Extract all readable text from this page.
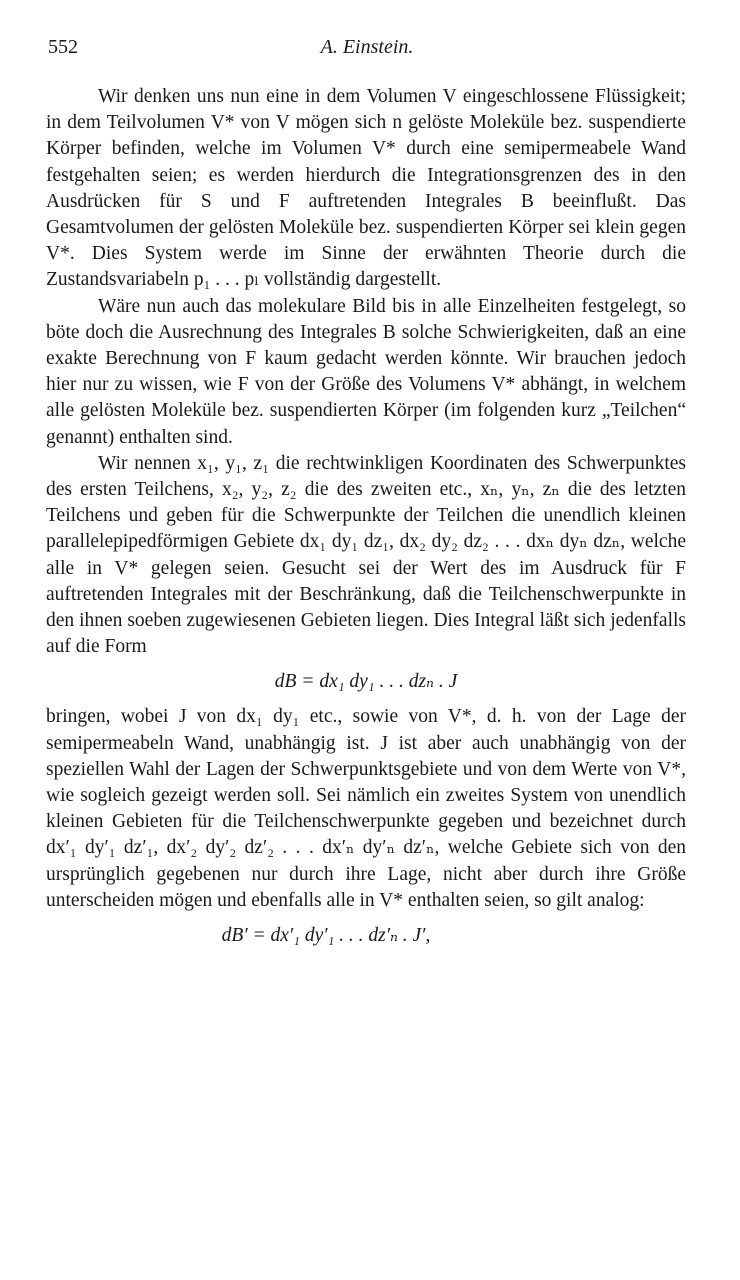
552	A. Einstein.

Wir denken uns nun eine in dem Volumen V eingeschlossene Flüssigkeit; in dem Teilvolumen V* von V mögen sich n gelöste Moleküle bez. suspendierte Körper befinden, welche im Volumen V* durch eine semipermeabele Wand festgehalten seien; es werden hierdurch die Integrationsgrenzen des in den Ausdrücken für S und F auftretenden Integrales B beeinflußt. Das Gesamtvolumen der gelösten Moleküle bez. suspendierten Körper sei klein gegen V*. Dies System werde im Sinne der erwähnten Theorie durch die Zustandsvariabeln p₁ . . . pₗ vollständig dargestellt.

Wäre nun auch das molekulare Bild bis in alle Einzelheiten festgelegt, so böte doch die Ausrechnung des Integrales B solche Schwierigkeiten, daß an eine exakte Berechnung von F kaum gedacht werden könnte. Wir brauchen jedoch hier nur zu wissen, wie F von der Größe des Volumens V* abhängt, in welchem alle gelösten Moleküle bez. suspendierten Körper (im folgenden kurz „Teilchen“ genannt) enthalten sind.

Wir nennen x₁, y₁, z₁ die rechtwinkligen Koordinaten des Schwerpunktes des ersten Teilchens, x₂, y₂, z₂ die des zweiten etc., xₙ, yₙ, zₙ die des letzten Teilchens und geben für die Schwerpunkte der Teilchen die unendlich kleinen parallelepipedförmigen Gebiete dx₁ dy₁ dz₁, dx₂ dy₂ dz₂ . . . dxₙ dyₙ dzₙ, welche alle in V* gelegen seien. Gesucht sei der Wert des im Ausdruck für F auftretenden Integrales mit der Beschränkung, daß die Teilchenschwerpunkte in den ihnen soeben zugewiesenen Gebieten liegen. Dies Integral läßt sich jedenfalls auf die Form

dB = dx₁ dy₁ . . . dzₙ . J

bringen, wobei J von dx₁ dy₁ etc., sowie von V*, d. h. von der Lage der semipermeabeln Wand, unabhängig ist. J ist aber auch unabhängig von der speziellen Wahl der Lagen der Schwerpunktsgebiete und von dem Werte von V*, wie sogleich gezeigt werden soll. Sei nämlich ein zweites System von unendlich kleinen Gebieten für die Teilchenschwerpunkte gegeben und bezeichnet durch dx′₁ dy′₁ dz′₁, dx′₂ dy′₂ dz′₂ . . . dx′ₙ dy′ₙ dz′ₙ, welche Gebiete sich von den ursprünglich gegebenen nur durch ihre Lage, nicht aber durch ihre Größe unterscheiden mögen und ebenfalls alle in V* enthalten seien, so gilt analog:

dB′ = dx′₁ dy′₁ . . . dz′ₙ . J′,
